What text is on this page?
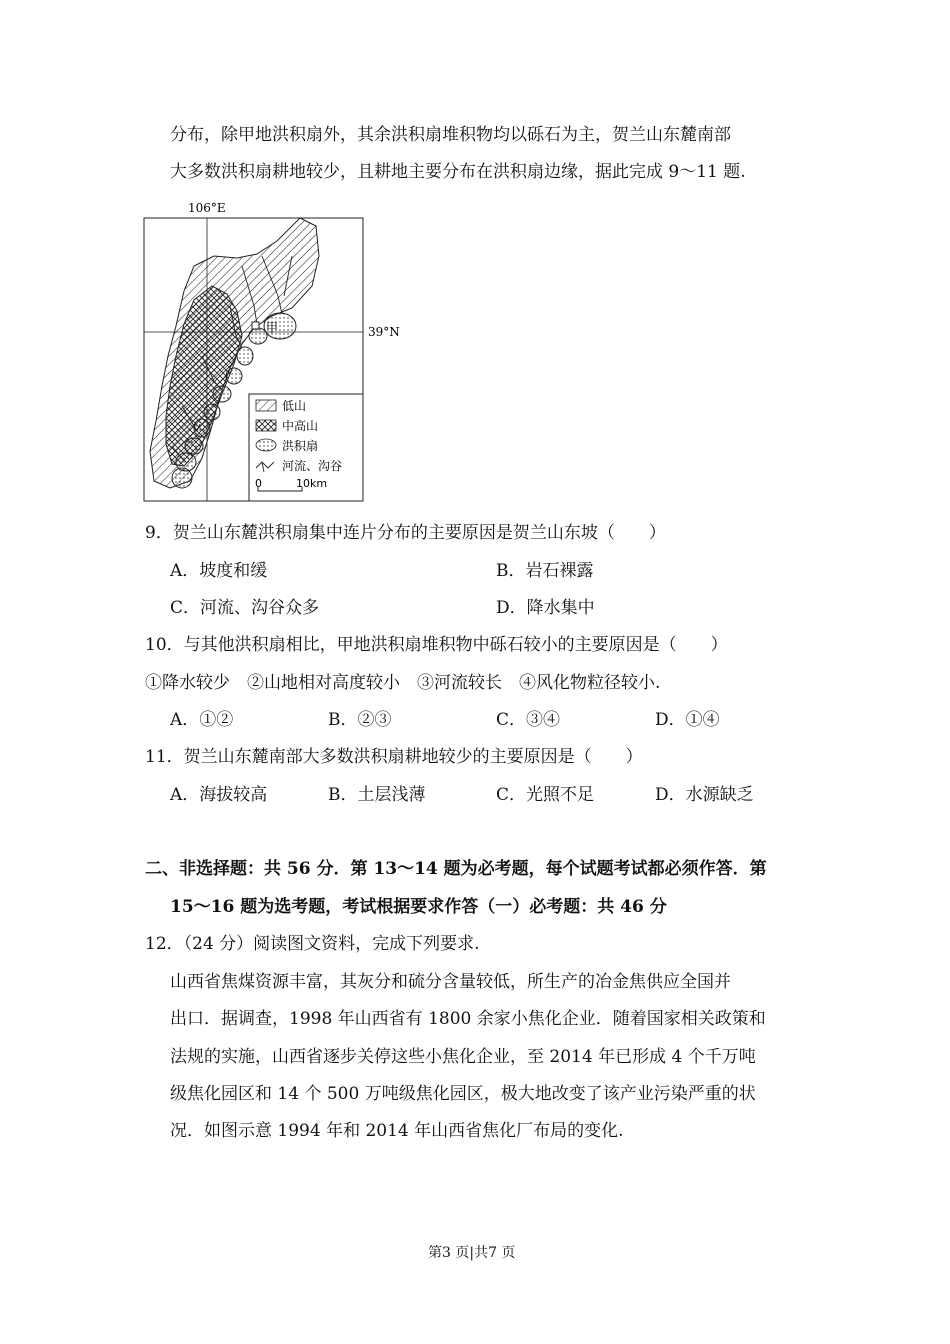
分布，除甲地洪积扇外，其余洪积扇堆积物均以砾石为主，贺兰山东麓南部
大多数洪积扇耕地较少，且耕地主要分布在洪积扇边缘，据此完成 9～11 题.
甲
106°E
39°N
低山
中高山
洪积扇
河流、沟谷
0	10km
9．贺兰山东麓洪积扇集中连片分布的主要原因是贺兰山东坡（　　）
A．坡度和缓	B．岩石裸露
C．河流、沟谷众多	D．降水集中
10．与其他洪积扇相比，甲地洪积扇堆积物中砾石较小的主要原因是（　　）
①降水较少　②山地相对高度较小　③河流较长　④风化物粒径较小.
A．①②	B．②③	C．③④	D．①④
11．贺兰山东麓南部大多数洪积扇耕地较少的主要原因是（　　）
A．海拔较高	B．土层浅薄	C．光照不足	D．水源缺乏
二、非选择题：共 56 分．第 13～14 题为必考题，每个试题考试都必须作答．第
15～16 题为选考题，考试根据要求作答（一）必考题：共 46 分
12．（24 分）阅读图文资料，完成下列要求.
山西省焦煤资源丰富，其灰分和硫分含量较低，所生产的冶金焦供应全国并
出口．据调查，1998 年山西省有 1800 余家小焦化企业．随着国家相关政策和
法规的实施，山西省逐步关停这些小焦化企业，至 2014 年已形成 4 个千万吨
级焦化园区和 14 个 500 万吨级焦化园区，极大地改变了该产业污染严重的状
况．如图示意 1994 年和 2014 年山西省焦化厂布局的变化.
第3 页|共7 页
